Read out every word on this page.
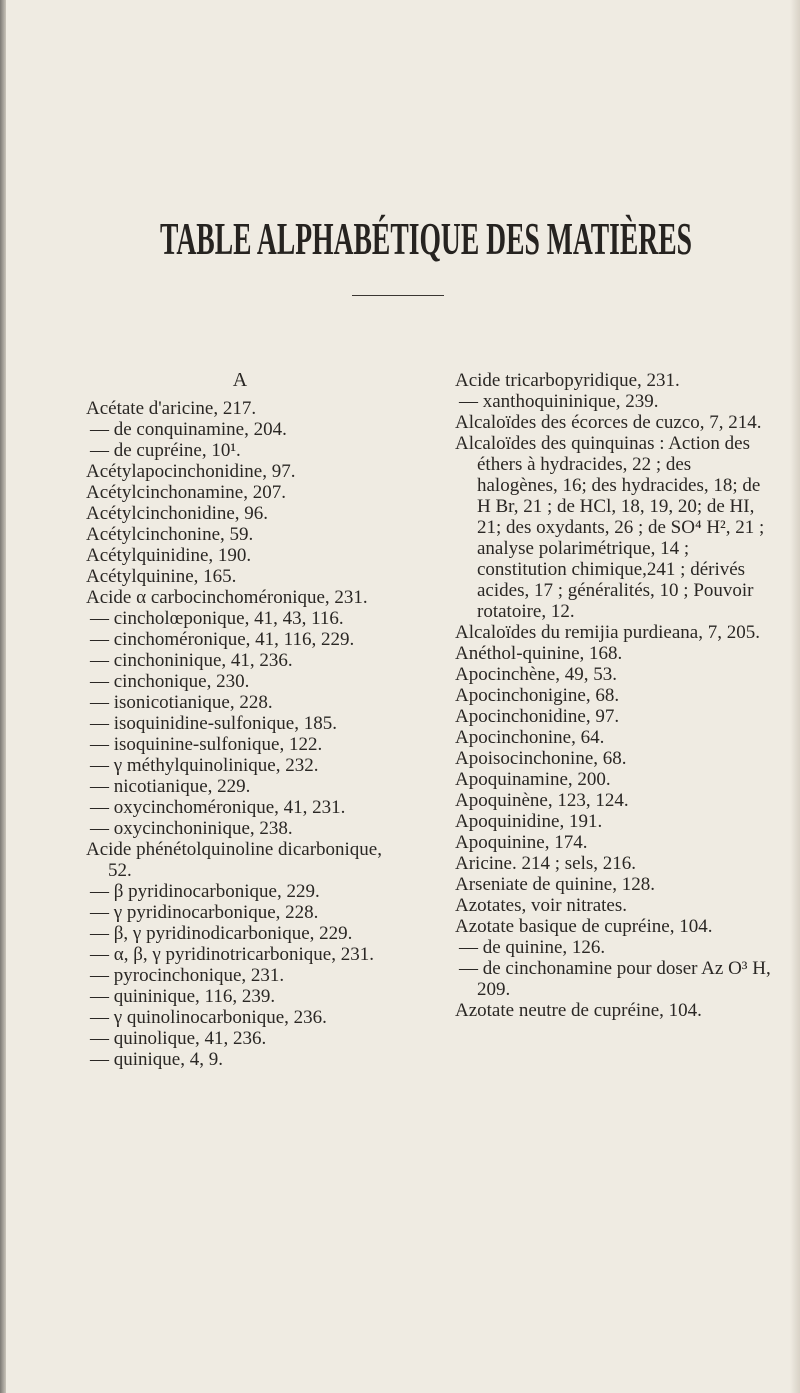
TABLE ALPHABÉTIQUE DES MATIÈRES
A

Acétate d'aricine, 217.

— de conquinamine, 204.

— de cupréine, 10¹.

Acétylapocinchonidine, 97.

Acétylcinchonamine, 207.

Acétylcinchonidine, 96.

Acétylcinchonine, 59.

Acétylquinidine, 190.

Acétylquinine, 165.

Acide α carbocinchoméronique, 231.

— cincholœponique, 41, 43, 116.

— cinchoméronique, 41, 116, 229.

— cinchoninique, 41, 236.

— cinchonique, 230.

— isonicotianique, 228.

— isoquinidine-sulfonique, 185.

— isoquinine-sulfonique, 122.

— γ méthylquinolinique, 232.

— nicotianique, 229.

— oxycinchoméronique, 41, 231.

— oxycinchoninique, 238.

Acide phénétolquinoline dicarbonique, 52.

— β pyridinocarbonique, 229.

— γ pyridinocarbonique, 228.

— β, γ pyridinodicarbonique, 229.

— α, β, γ pyridinotricarbonique, 231.

— pyrocinchonique, 231.

— quininique, 116, 239.

— γ quinolinocarbonique, 236.

— quinolique, 41, 236.

— quinique, 4, 9.

Acide tricarbopyridique, 231.

— xanthoquininique, 239.

Alcaloïdes des écorces de cuzco, 7, 214.

Alcaloïdes des quinquinas : Action des éthers à hydracides, 22 ; des halogènes, 16; des hydracides, 18; de H Br, 21 ; de HCl, 18, 19, 20; de HI, 21; des oxydants, 26 ; de SO⁴ H², 21 ; analyse polarimétrique, 14 ; constitution chimique,241 ; dérivés acides, 17 ; généralités, 10 ; Pouvoir rotatoire, 12.

Alcaloïdes du remijia purdieana, 7, 205.

Anéthol-quinine, 168.

Apocinchène, 49, 53.

Apocinchonigine, 68.

Apocinchonidine, 97.

Apocinchonine, 64.

Apoisocinchonine, 68.

Apoquinamine, 200.

Apoquinène, 123, 124.

Apoquinidine, 191.

Apoquinine, 174.

Aricine. 214 ; sels, 216.

Arseniate de quinine, 128.

Azotates, voir nitrates.

Azotate basique de cupréine, 104.

— de quinine, 126.

— de cinchonamine pour doser Az O³ H, 209.

Azotate neutre de cupréine, 104.
